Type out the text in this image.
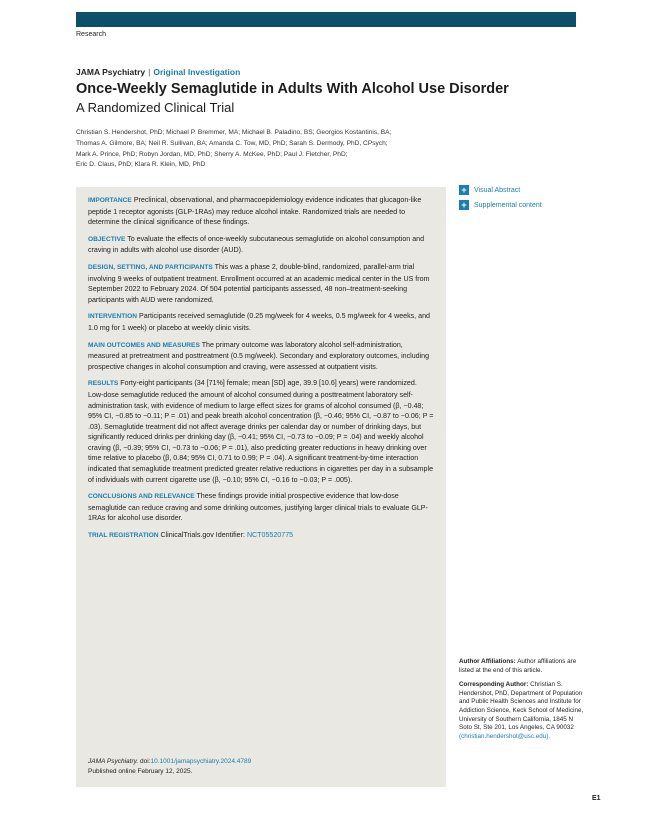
Research
JAMA Psychiatry | Original Investigation
Once-Weekly Semaglutide in Adults With Alcohol Use Disorder
A Randomized Clinical Trial
Christian S. Hendershot, PhD; Michael P. Bremmer, MA; Michael B. Paladino, BS; Georgios Kostantinis, BA;
Thomas A. Gilmore, BA; Neil R. Sullivan, BA; Amanda C. Tow, MD, PhD; Sarah S. Dermody, PhD, CPsych;
Mark A. Prince, PhD; Robyn Jordan, MD, PhD; Sherry A. McKee, PhD; Paul J. Fletcher, PhD;
Eric D. Claus, PhD; Klara R. Klein, MD, PhD
+	Visual Abstract
+	Supplemental content

IMPORTANCE Preclinical, observational, and pharmacoepidemiology evidence indicates that glucagon-like peptide 1 receptor agonists (GLP-1RAs) may reduce alcohol intake. Randomized trials are needed to determine the clinical significance of these findings.

OBJECTIVE To evaluate the effects of once-weekly subcutaneous semaglutide on alcohol consumption and craving in adults with alcohol use disorder (AUD).

DESIGN, SETTING, AND PARTICIPANTS This was a phase 2, double-blind, randomized, parallel-arm trial involving 9 weeks of outpatient treatment. Enrollment occurred at an academic medical center in the US from September 2022 to February 2024. Of 504 potential participants assessed, 48 non–treatment-seeking participants with AUD were randomized.

INTERVENTION Participants received semaglutide (0.25 mg/week for 4 weeks, 0.5 mg/week for 4 weeks, and 1.0 mg for 1 week) or placebo at weekly clinic visits.

MAIN OUTCOMES AND MEASURES The primary outcome was laboratory alcohol self-administration, measured at pretreatment and posttreatment (0.5 mg/week). Secondary and exploratory outcomes, including prospective changes in alcohol consumption and craving, were assessed at outpatient visits.

RESULTS Forty-eight participants (34 [71%] female; mean [SD] age, 39.9 [10.6] years) were randomized. Low-dose semaglutide reduced the amount of alcohol consumed during a posttreatment laboratory self-administration task, with evidence of medium to large effect sizes for grams of alcohol consumed (β, −0.48; 95% CI, −0.85 to −0.11; P = .01) and peak breath alcohol concentration (β, −0.46; 95% CI, −0.87 to −0.06; P = .03). Semaglutide treatment did not affect average drinks per calendar day or number of drinking days, but significantly reduced drinks per drinking day (β, −0.41; 95% CI, −0.73 to −0.09; P = .04) and weekly alcohol craving (β, −0.39; 95% CI, −0.73 to −0.06; P = .01), also predicting greater reductions in heavy drinking over time relative to placebo (β, 0.84; 95% CI, 0.71 to 0.99; P = .04). A significant treatment-by-time interaction indicated that semaglutide treatment predicted greater relative reductions in cigarettes per day in a subsample of individuals with current cigarette use (β, −0.10; 95% CI, −0.16 to −0.03; P = .005).

CONCLUSIONS AND RELEVANCE These findings provide initial prospective evidence that low-dose semaglutide can reduce craving and some drinking outcomes, justifying larger clinical trials to evaluate GLP-1RAs for alcohol use disorder.

TRIAL REGISTRATION ClinicalTrials.gov Identifier: NCT05520775

JAMA Psychiatry. doi:10.1001/jamapsychiatry.2024.4789
Published online February 12, 2025.

Author Affiliations: Author affiliations are listed at the end of this article.

Corresponding Author: Christian S. Hendershot, PhD, Department of Population and Public Health Sciences and Institute for Addiction Science, Keck School of Medicine, University of Southern California, 1845 N Soto St, Ste 201, Los Angeles, CA 90032 (christian.hendershot@usc.edu).

E1
